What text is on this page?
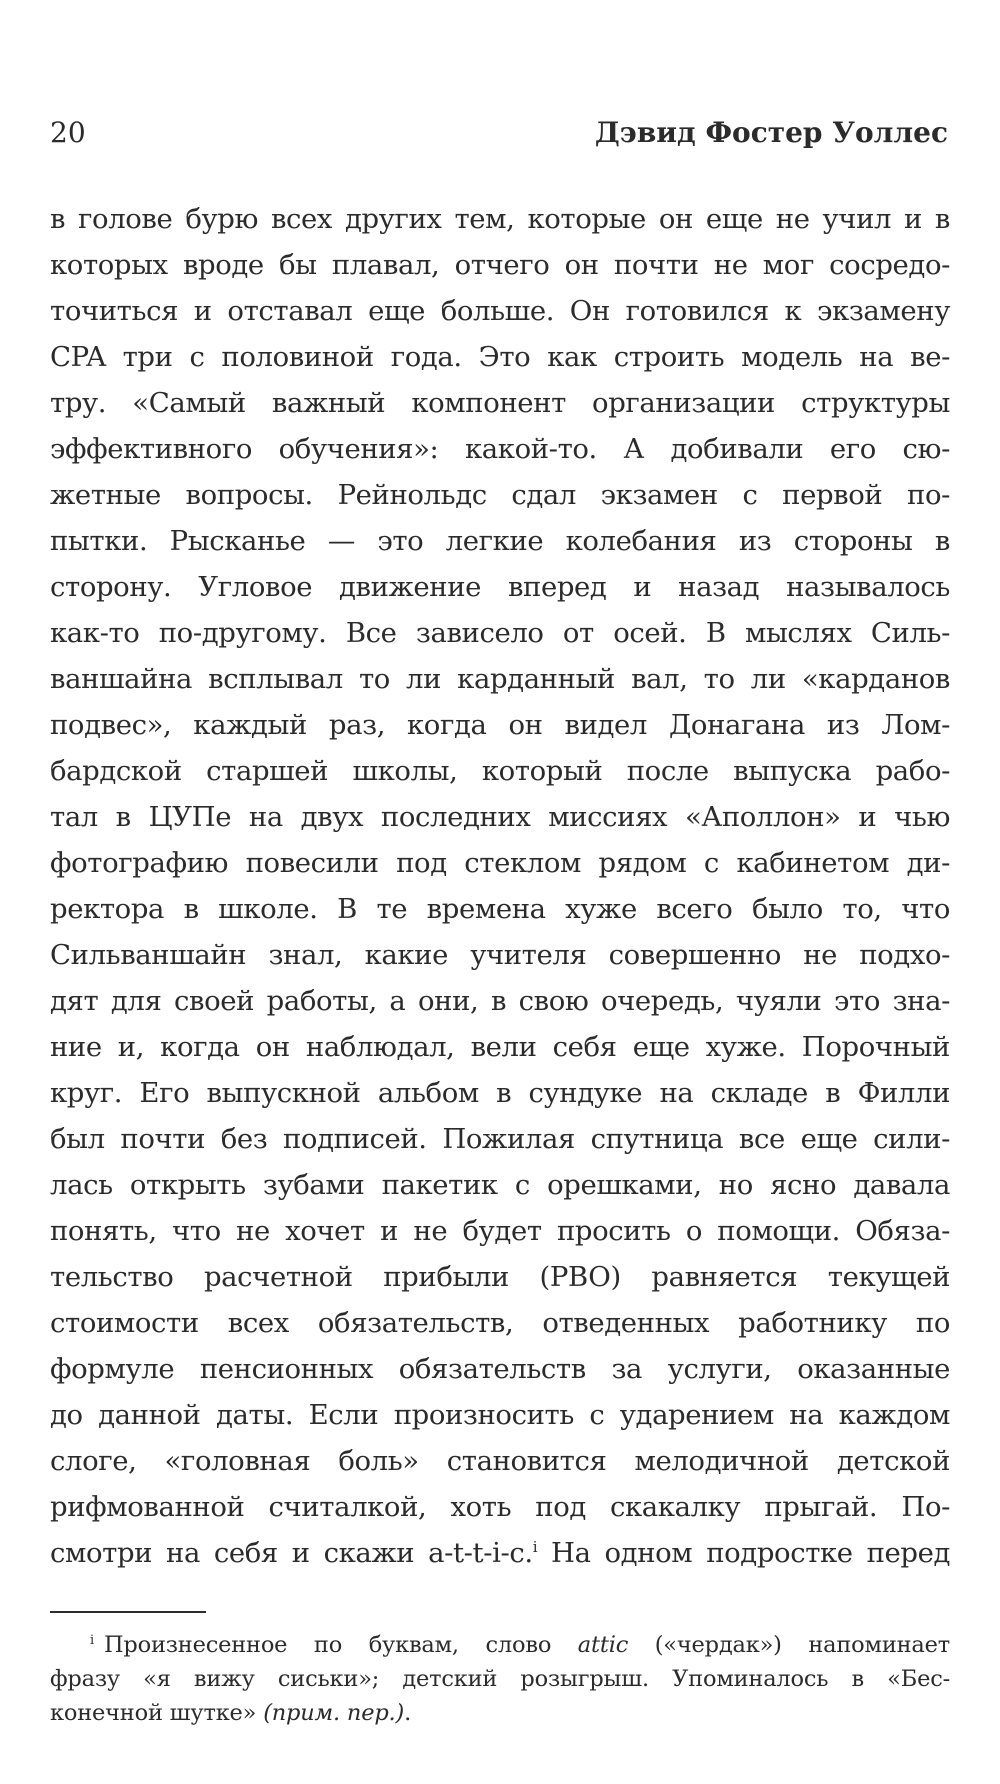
20	Дэвид Фостер Уоллес
в голове бурю всех других тем, которые он еще не учил и в
которых вроде бы плавал, отчего он почти не мог сосредо-
точиться и отставал еще больше. Он готовился к экзамену
CPA три с половиной года. Это как строить модель на ве-
тру. «Самый важный компонент организации структуры
эффективного обучения»: какой-то. А добивали его сю-
жетные вопросы. Рейнольдс сдал экзамен с первой по-
пытки. Рысканье — это легкие колебания из стороны в
сторону. Угловое движение вперед и назад называлось
как-то по-другому. Все зависело от осей. В мыслях Силь-
ваншайна всплывал то ли карданный вал, то ли «карданов
подвес», каждый раз, когда он видел Донагана из Лом-
бардской старшей школы, который после выпуска рабо-
тал в ЦУПе на двух последних миссиях «Аполлон» и чью
фотографию повесили под стеклом рядом с кабинетом ди-
ректора в школе. В те времена хуже всего было то, что
Сильваншайн знал, какие учителя совершенно не подхо-
дят для своей работы, а они, в свою очередь, чуяли это зна-
ние и, когда он наблюдал, вели себя еще хуже. Порочный
круг. Его выпускной альбом в сундуке на складе в Филли
был почти без подписей. Пожилая спутница все еще сили-
лась открыть зубами пакетик с орешками, но ясно давала
понять, что не хочет и не будет просить о помощи. Обяза-
тельство расчетной прибыли (PBO) равняется текущей
стоимости всех обязательств, отведенных работнику по
формуле пенсионных обязательств за услуги, оказанные
до данной даты. Если произносить с ударением на каждом
слоге, «головная боль» становится мелодичной детской
рифмованной считалкой, хоть под скакалку прыгай. По-
смотри на себя и скажи a-t-t-i-c.$^i$ На одном подростке перед
$^i$ Произнесенное по буквам, слово attic («чердак») напоминает
фразу «я вижу сиськи»; детский розыгрыш. Упоминалось в «Бес-
конечной шутке» (прим. пер.).
